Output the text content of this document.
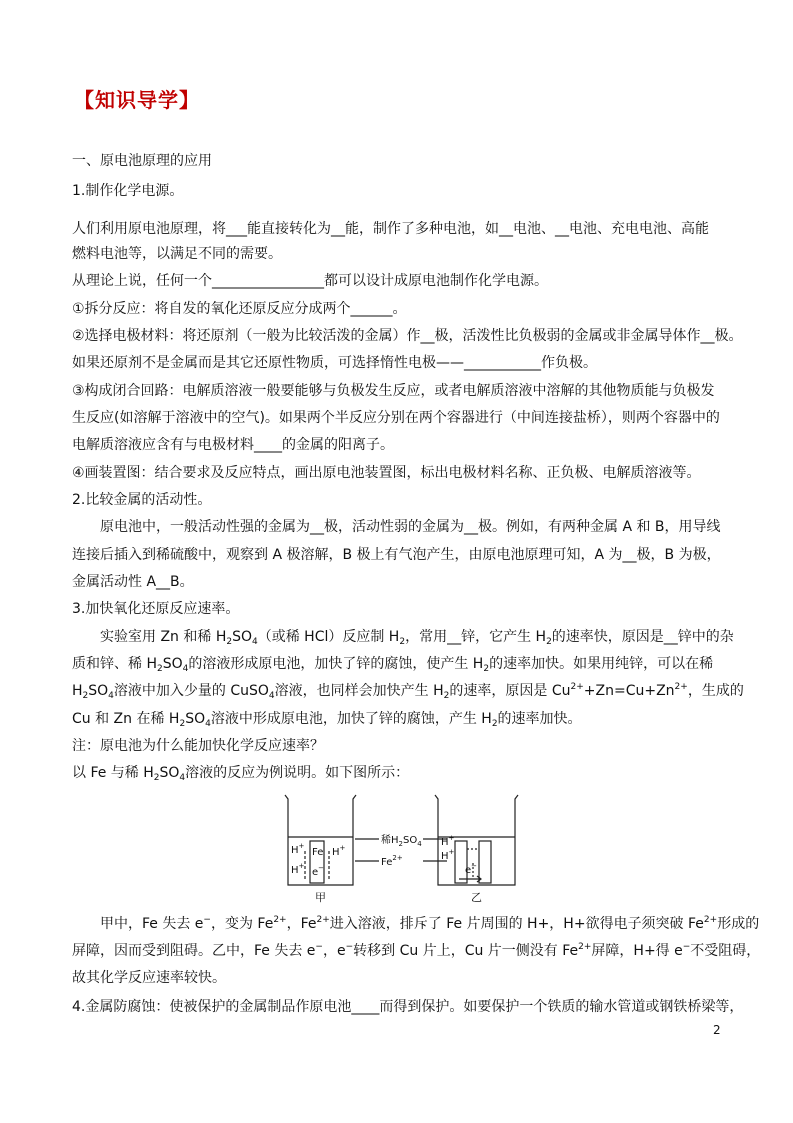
【知识导学】
一、原电池原理的应用
1.制作化学电源。
人们利用原电池原理，将___能直接转化为__能，制作了多种电池，如__电池、__电池、充电电池、高能
燃料电池等，以满足不同的需要。
从理论上说，任何一个________________都可以设计成原电池制作化学电源。
①拆分反应：将自发的氧化还原反应分成两个______。
②选择电极材料：将还原剂（一般为比较活泼的金属）作__极，活泼性比负极弱的金属或非金属导体作__极。
如果还原剂不是金属而是其它还原性物质，可选择惰性电极——___________作负极。
③构成闭合回路：电解质溶液一般要能够与负极发生反应，或者电解质溶液中溶解的其他物质能与负极发
生反应(如溶解于溶液中的空气)。如果两个半反应分别在两个容器进行（中间连接盐桥），则两个容器中的
电解质溶液应含有与电极材料____的金属的阳离子。
④画装置图：结合要求及反应特点，画出原电池装置图，标出电极材料名称、正负极、电解质溶液等。
2.比较金属的活动性。
原电池中，一般活动性强的金属为__极，活动性弱的金属为__极。例如，有两种金属 A 和 B，用导线
连接后插入到稀硫酸中，观察到 A 极溶解，B 极上有气泡产生，由原电池原理可知，A 为__极，B 为极，
金属活动性 A__B。
3.加快氧化还原反应速率。
实验室用 Zn 和稀 $H_2SO_4$（或稀 HCl）反应制 $H_2$，常用__锌，它产生 $H_2$的速率快，原因是__锌中的杂
质和锌、稀 $H_2SO_4$的溶液形成原电池，加快了锌的腐蚀，使产生 $H_2$的速率加快。如果用纯锌，可以在稀
$H_2SO_4$溶液中加入少量的 CuSO$_4$溶液，也同样会加快产生 $H_2$的速率，原因是 $Cu^{2+}+Zn=Cu+Zn^{2+}$，生成的
Cu 和 Zn 在稀 $H_2SO_4$溶液中形成原电池，加快了锌的腐蚀，产生 $H_2$的速率加快。
注：原电池为什么能加快化学反应速率？
以 Fe 与稀 $H_2SO_4$溶液的反应为例说明。如下图所示：
稀$H_2SO_4$
$Fe^{2+}$
Fe
H+
H+
H+
e−
H+
H+
e−
甲	乙
甲中，Fe 失去 e−，变为 $Fe^{2+}$，$Fe^{2+}$进入溶液，排斥了 Fe 片周围的 H+，H+欲得电子须突破 $Fe^{2+}$形成的
屏障，因而受到阻碍。乙中，Fe 失去 e−，e−转移到 Cu 片上，Cu 片一侧没有 $Fe^{2+}$屏障，H+得 e−不受阻碍，
故其化学反应速率较快。
4.金属防腐蚀：使被保护的金属制品作原电池____而得到保护。如要保护一个铁质的输水管道或钢铁桥梁等，
2
